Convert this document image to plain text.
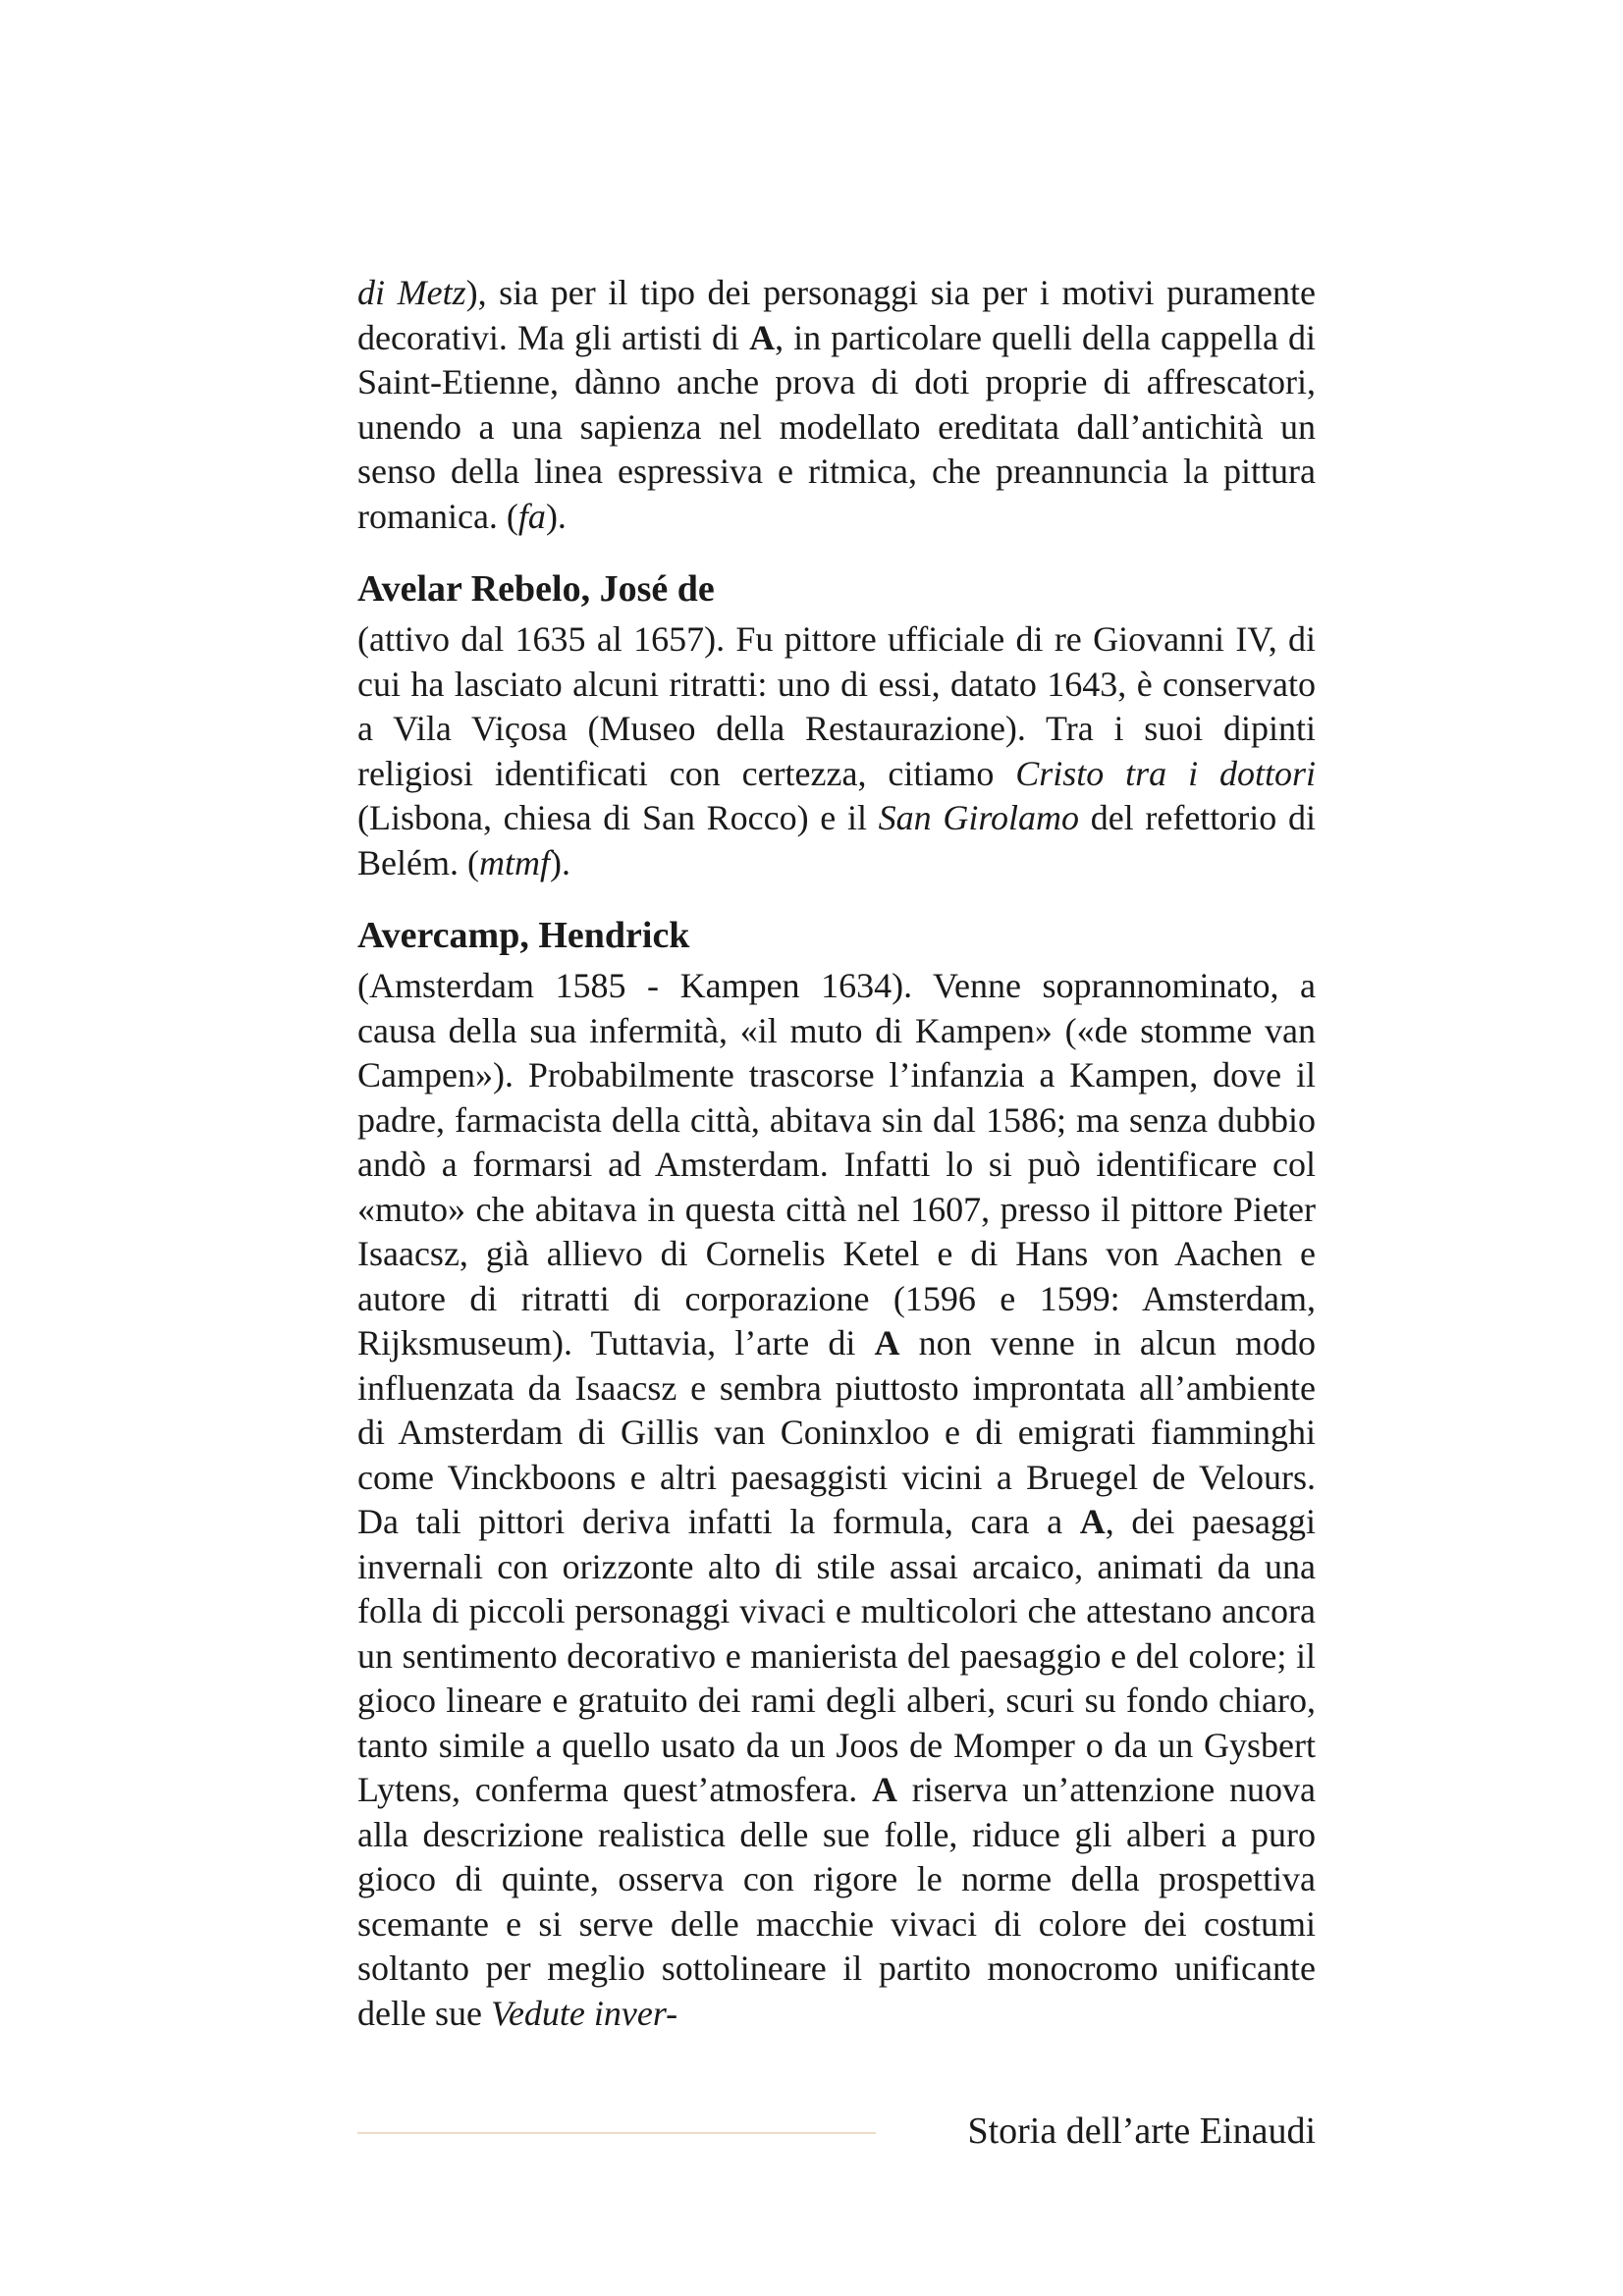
di Metz), sia per il tipo dei personaggi sia per i motivi puramente decorativi. Ma gli artisti di A, in particolare quelli della cappella di Saint-Etienne, dànno anche prova di doti proprie di affrescatori, unendo a una sapienza nel modellato ereditata dall’antichità un senso della linea espressiva e ritmica, che preannuncia la pittura romanica. (fa).

Avelar Rebelo, José de

(attivo dal 1635 al 1657). Fu pittore ufficiale di re Giovanni IV, di cui ha lasciato alcuni ritratti: uno di essi, datato 1643, è conservato a Vila Viçosa (Museo della Restaurazione). Tra i suoi dipinti religiosi identificati con certezza, citiamo Cristo tra i dottori (Lisbona, chiesa di San Rocco) e il San Girolamo del refettorio di Belém. (mtmf).

Avercamp, Hendrick

(Amsterdam 1585 - Kampen 1634). Venne soprannominato, a causa della sua infermità, «il muto di Kampen» («de stomme van Campen»). Probabilmente trascorse l’infanzia a Kampen, dove il padre, farmacista della città, abitava sin dal 1586; ma senza dubbio andò a formarsi ad Amsterdam. Infatti lo si può identificare col «muto» che abitava in questa città nel 1607, presso il pittore Pieter Isaacsz, già allievo di Cornelis Ketel e di Hans von Aachen e autore di ritratti di corporazione (1596 e 1599: Amsterdam, Rijksmuseum). Tuttavia, l’arte di A non venne in alcun modo influenzata da Isaacsz e sembra piuttosto improntata all’ambiente di Amsterdam di Gillis van Coninxloo e di emigrati fiamminghi come Vinckboons e altri paesaggisti vicini a Bruegel de Velours. Da tali pittori deriva infatti la formula, cara a A, dei paesaggi invernali con orizzonte alto di stile assai arcaico, animati da una folla di piccoli personaggi vivaci e multicolori che attestano ancora un sentimento decorativo e manierista del paesaggio e del colore; il gioco lineare e gratuito dei rami degli alberi, scuri su fondo chiaro, tanto simile a quello usato da un Joos de Momper o da un Gysbert Lytens, conferma quest’atmosfera. A riserva un’attenzione nuova alla descrizione realistica delle sue folle, riduce gli alberi a puro gioco di quinte, osserva con rigore le norme della prospettiva scemante e si serve delle macchie vivaci di colore dei costumi soltanto per meglio sottolineare il partito monocromo unificante delle sue Vedute inver-

Storia dell’arte Einaudi
